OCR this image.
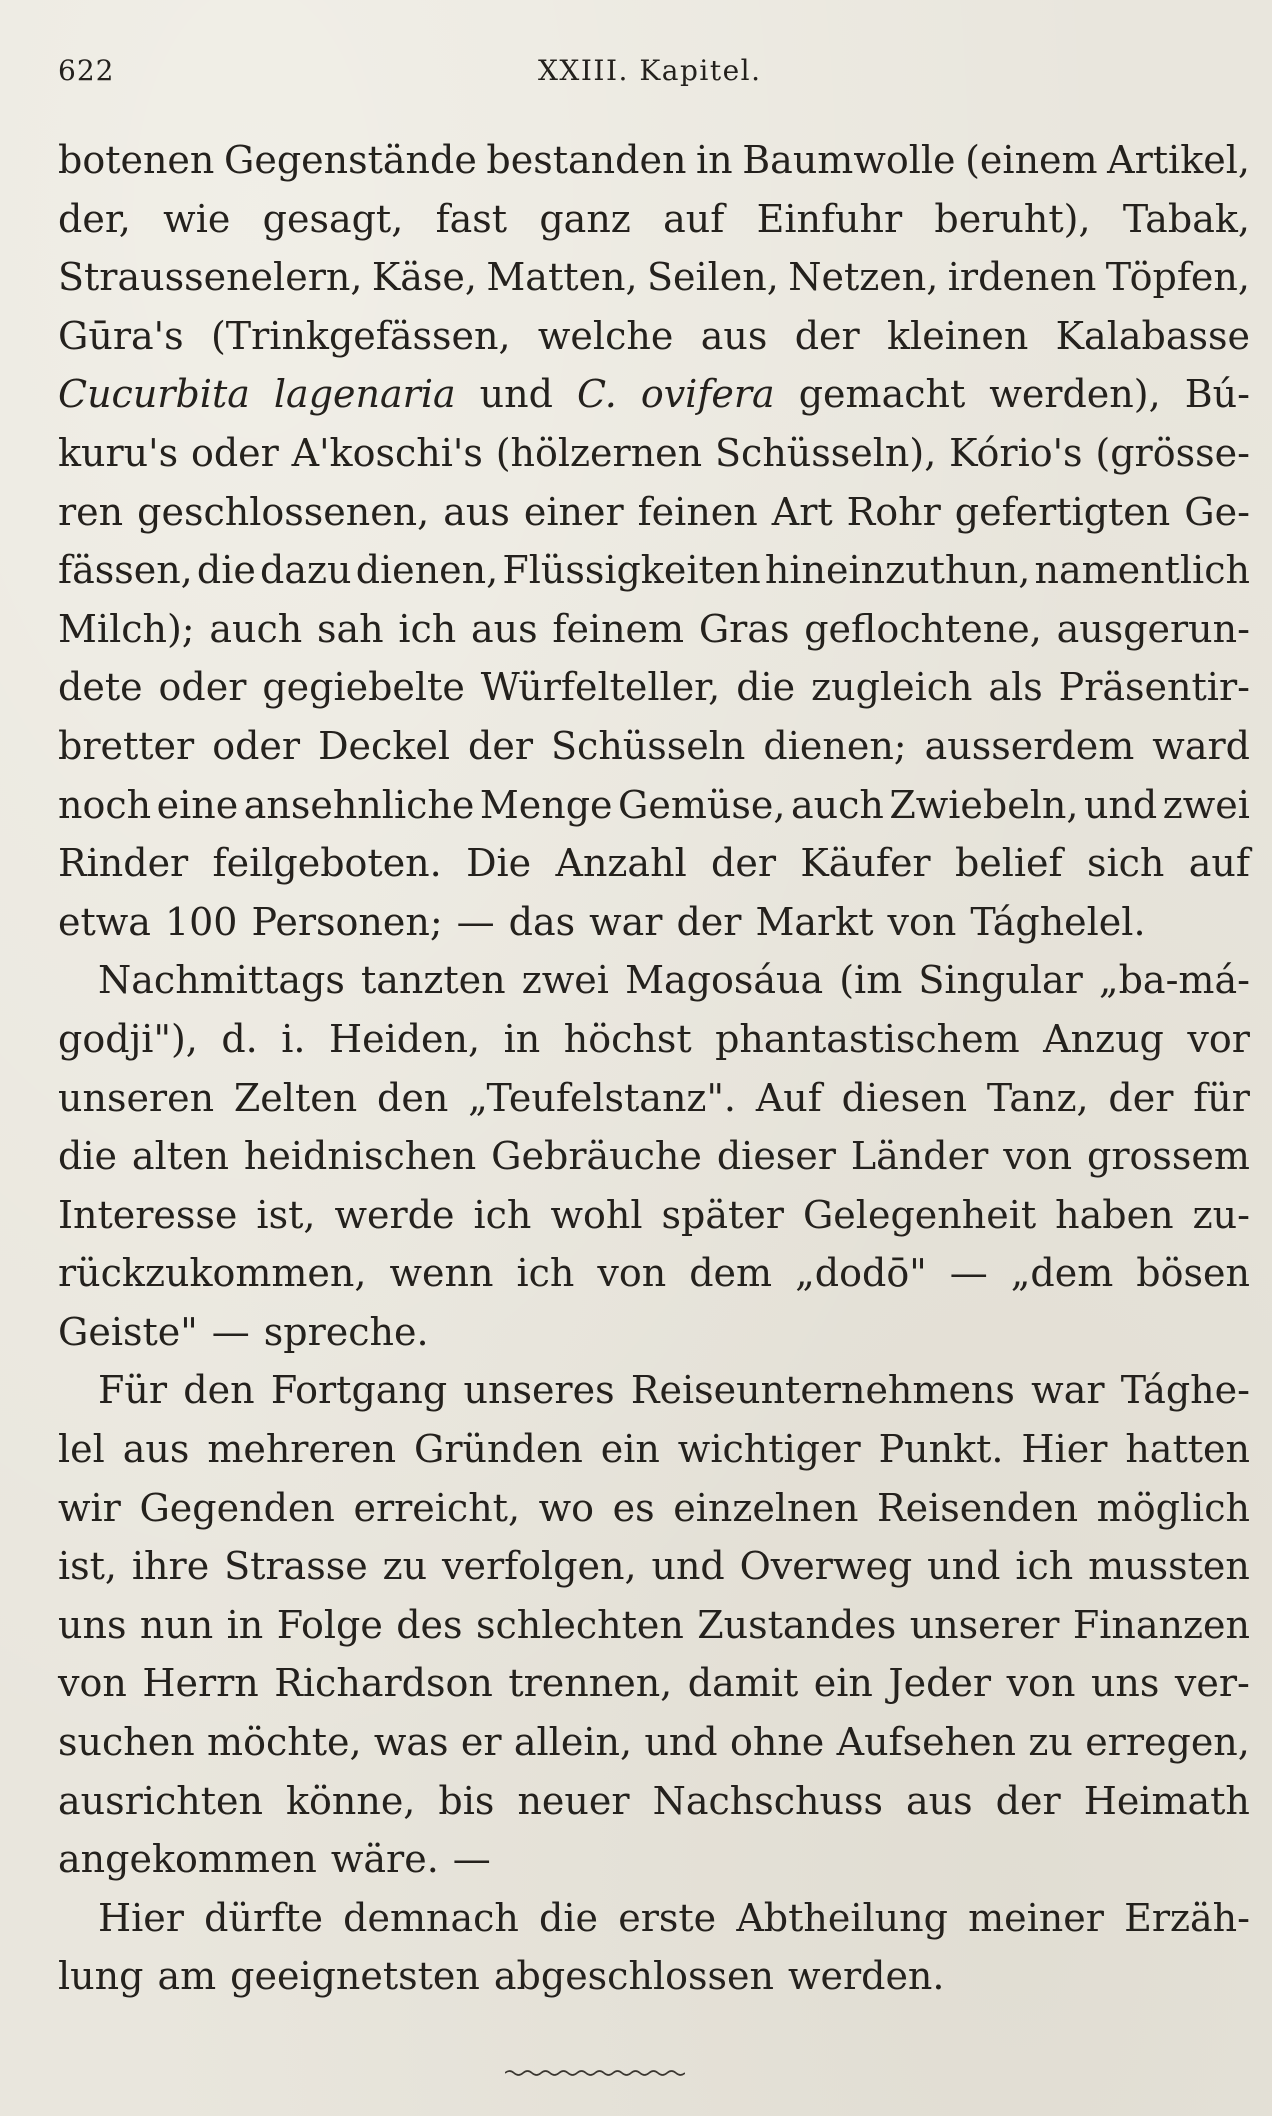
622	XXIII. Kapitel.
botenen Gegenstände bestanden in Baumwolle (einem Artikel,
der, wie gesagt, fast ganz auf Einfuhr beruht), Tabak,
Straussenelern, Käse, Matten, Seilen, Netzen, irdenen Töpfen,
Gūra's (Trinkgefässen, welche aus der kleinen Kalabasse
Cucurbita lagenaria und C. ovifera gemacht werden), Bú-
kuru's oder A'koschi's (hölzernen Schüsseln), Kório's (grösse-
ren geschlossenen, aus einer feinen Art Rohr gefertigten Ge-
fässen, die dazu dienen, Flüssigkeiten hineinzuthun, namentlich
Milch); auch sah ich aus feinem Gras geflochtene, ausgerun-
dete oder gegiebelte Würfelteller, die zugleich als Präsentir-
bretter oder Deckel der Schüsseln dienen; ausserdem ward
noch eine ansehnliche Menge Gemüse, auch Zwiebeln, und zwei
Rinder feilgeboten. Die Anzahl der Käufer belief sich auf
etwa 100 Personen; — das war der Markt von Tághelel.
Nachmittags tanzten zwei Magosáua (im Singular „ba-má-
godji"), d. i. Heiden, in höchst phantastischem Anzug vor
unseren Zelten den „Teufelstanz". Auf diesen Tanz, der für
die alten heidnischen Gebräuche dieser Länder von grossem
Interesse ist, werde ich wohl später Gelegenheit haben zu-
rückzukommen, wenn ich von dem „dodō" — „dem bösen
Geiste" — spreche.
Für den Fortgang unseres Reiseunternehmens war Tághe-
lel aus mehreren Gründen ein wichtiger Punkt. Hier hatten
wir Gegenden erreicht, wo es einzelnen Reisenden möglich
ist, ihre Strasse zu verfolgen, und Overweg und ich mussten
uns nun in Folge des schlechten Zustandes unserer Finanzen
von Herrn Richardson trennen, damit ein Jeder von uns ver-
suchen möchte, was er allein, und ohne Aufsehen zu erregen,
ausrichten könne, bis neuer Nachschuss aus der Heimath
angekommen wäre. —
Hier dürfte demnach die erste Abtheilung meiner Erzäh-
lung am geeignetsten abgeschlossen werden.
